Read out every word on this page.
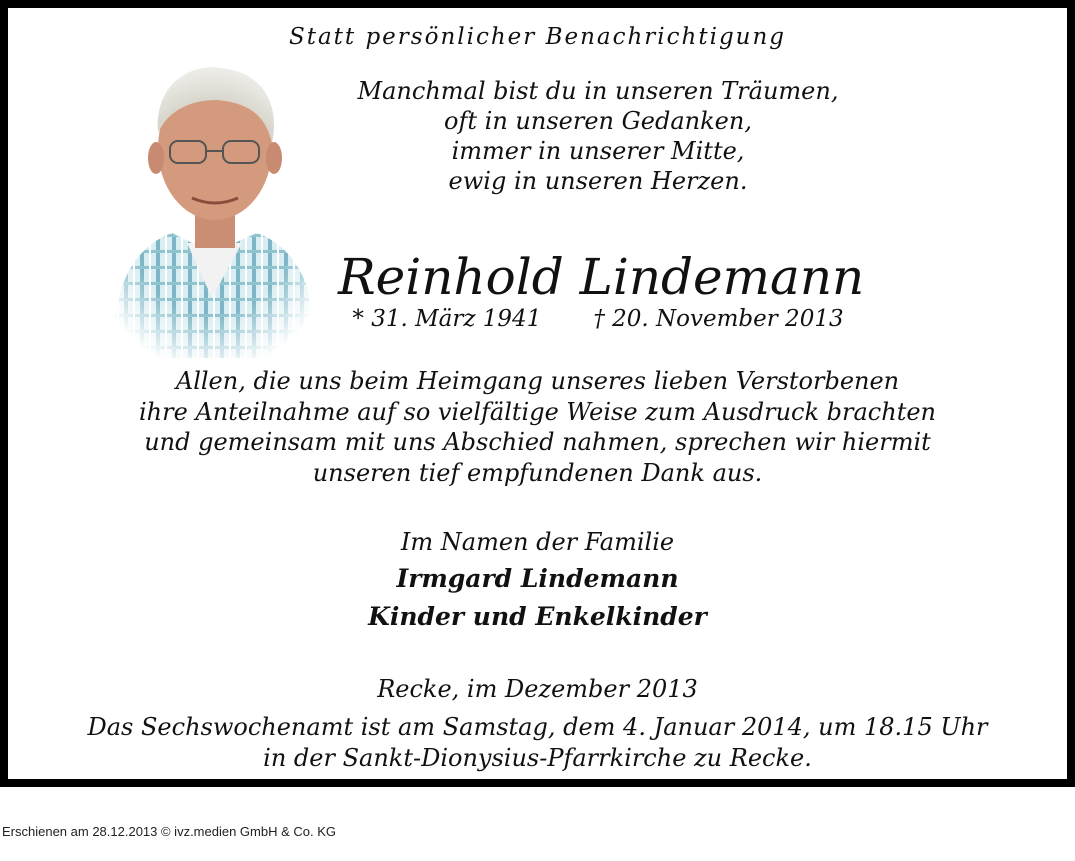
Statt persönlicher Benachrichtigung
Manchmal bist du in unseren Träumen,
oft in unseren Gedanken,
immer in unserer Mitte,
ewig in unseren Herzen.
Reinhold Lindemann
* 31. März 1941 † 20. November 2013
Allen, die uns beim Heimgang unseres lieben Verstorbenen
ihre Anteilnahme auf so vielfältige Weise zum Ausdruck brachten
und gemeinsam mit uns Abschied nahmen, sprechen wir hiermit
unseren tief empfundenen Dank aus.
Im Namen der Familie
Irmgard Lindemann
Kinder und Enkelkinder
Recke, im Dezember 2013
Das Sechswochenamt ist am Samstag, dem 4. Januar 2014, um 18.15 Uhr
in der Sankt-Dionysius-Pfarrkirche zu Recke.
Erschienen am 28.12.2013 © ivz.medien GmbH & Co. KG
